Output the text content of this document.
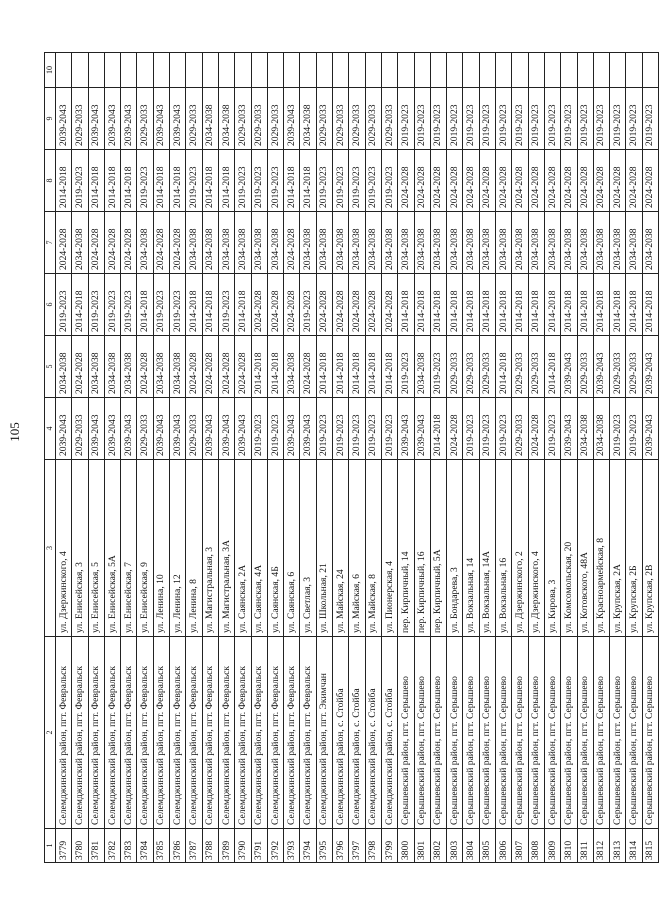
105
1	2	3	4	5	6	7	8	9	10
3779	Селемджинский район, пгт. Февральск	ул. Дзержинского, 4	2039-2043	2034-2038	2019-2023	2024-2028	2014-2018	2039-2043	
3780	Селемджинский район, пгт. Февральск	ул. Енисейская, 3	2029-2033	2024-2028	2014-2018	2034-2038	2019-2023	2029-2033	
3781	Селемджинский район, пгт. Февральск	ул. Енисейская, 5	2039-2043	2034-2038	2019-2023	2024-2028	2014-2018	2039-2043	
3782	Селемджинский район, пгт. Февральск	ул. Енисейская, 5А	2039-2043	2034-2038	2019-2023	2024-2028	2014-2018	2039-2043	
3783	Селемджинский район, пгт. Февральск	ул. Енисейская, 7	2039-2043	2034-2038	2019-2023	2024-2028	2014-2018	2039-2043	
3784	Селемджинский район, пгт. Февральск	ул. Енисейская, 9	2029-2033	2024-2028	2014-2018	2034-2038	2019-2023	2029-2033	
3785	Селемджинский район, пгт. Февральск	ул. Ленина, 10	2039-2043	2034-2038	2019-2023	2024-2028	2014-2018	2039-2043	
3786	Селемджинский район, пгт. Февральск	ул. Ленина, 12	2039-2043	2034-2038	2019-2023	2024-2028	2014-2018	2039-2043	
3787	Селемджинский район, пгт. Февральск	ул. Ленина, 8	2029-2033	2024-2028	2014-2018	2034-2038	2019-2023	2029-2033	
3788	Селемджинский район, пгт. Февральск	ул. Магистральная, 3	2039-2043	2024-2028	2014-2018	2034-2038	2014-2018	2034-2038	
3789	Селемджинский район, пгт. Февральск	ул. Магистральная, 3А	2039-2043	2024-2028	2019-2023	2034-2038	2014-2018	2034-2038	
3790	Селемджинский район, пгт. Февральск	ул. Саянская, 2А	2039-2043	2024-2028	2014-2018	2034-2038	2019-2023	2029-2033	
3791	Селемджинский район, пгт. Февральск	ул. Саянская, 4А	2019-2023	2014-2018	2024-2028	2034-2038	2019-2023	2029-2033	
3792	Селемджинский район, пгт. Февральск	ул. Саянская, 4Б	2019-2023	2014-2018	2024-2028	2034-2038	2019-2023	2029-2033	
3793	Селемджинский район, пгт. Февральск	ул. Саянская, 6	2039-2043	2034-2038	2024-2028	2024-2028	2014-2018	2039-2043	
3794	Селемджинский район, пгт. Февральск	ул. Светлая, 3	2039-2043	2024-2028	2019-2023	2034-2038	2014-2018	2034-2038	
3795	Селемджинский район, пгт. Экимчан	ул. Школьная, 21	2019-2023	2014-2018	2024-2028	2034-2038	2019-2023	2029-2033	
3796	Селемджинский район, с. Стойба	ул. Майская, 24	2019-2023	2014-2018	2024-2028	2034-2038	2019-2023	2029-2033	
3797	Селемджинский район, с. Стойба	ул. Майская, 6	2019-2023	2014-2018	2024-2028	2034-2038	2019-2023	2029-2033	
3798	Селемджинский район, с. Стойба	ул. Майская, 8	2019-2023	2014-2018	2024-2028	2034-2038	2019-2023	2029-2033	
3799	Селемджинский район, с. Стойба	ул. Пионерская, 4	2019-2023	2014-2018	2024-2028	2034-2038	2019-2023	2029-2033	
3800	Серышевский район, пгт. Серышево	пер. Кирпичный, 14	2039-2043	2019-2023	2014-2018	2034-2038	2024-2028	2019-2023	
3801	Серышевский район, пгт. Серышево	пер. Кирпичный, 16	2039-2043	2034-2038	2014-2018	2034-2038	2024-2028	2019-2023	
3802	Серышевский район, пгт. Серышево	пер. Кирпичный, 5А	2014-2018	2019-2023	2014-2018	2034-2038	2024-2028	2019-2023	
3803	Серышевский район, пгт. Серышево	ул. Бондарева, 3	2024-2028	2029-2033	2014-2018	2034-2038	2024-2028	2019-2023	
3804	Серышевский район, пгт. Серышево	ул. Вокзальная, 14	2019-2023	2029-2033	2014-2018	2034-2038	2024-2028	2019-2023	
3805	Серышевский район, пгт. Серышево	ул. Вокзальная, 14А	2019-2023	2029-2033	2014-2018	2034-2038	2024-2028	2019-2023	
3806	Серышевский район, пгт. Серышево	ул. Вокзальная, 16	2019-2023	2014-2018	2014-2018	2034-2038	2024-2028	2019-2023	
3807	Серышевский район, пгт. Серышево	ул. Дзержинского, 2	2029-2033	2029-2033	2014-2018	2034-2038	2024-2028	2019-2023	
3808	Серышевский район, пгт. Серышево	ул. Дзержинского, 4	2024-2028	2029-2033	2014-2018	2034-2038	2024-2028	2019-2023	
3809	Серышевский район, пгт. Серышево	ул. Кирова, 3	2019-2023	2014-2018	2014-2018	2034-2038	2024-2028	2019-2023	
3810	Серышевский район, пгт. Серышево	ул. Комсомольская, 20	2039-2043	2039-2043	2014-2018	2034-2038	2024-2028	2019-2023	
3811	Серышевский район, пгт. Серышево	ул. Котовского, 48А	2034-2038	2029-2033	2014-2018	2034-2038	2024-2028	2019-2023	
3812	Серышевский район, пгт. Серышево	ул. Красноармейская, 8	2034-2038	2039-2043	2014-2018	2034-2038	2024-2028	2019-2023	
3813	Серышевский район, пгт. Серышево	ул. Крупская, 2А	2019-2023	2029-2033	2014-2018	2034-2038	2024-2028	2019-2023	
3814	Серышевский район, пгт. Серышево	ул. Крупская, 2Б	2019-2023	2029-2033	2014-2018	2034-2038	2024-2028	2019-2023	
3815	Серышевский район, пгт. Серышево	ул. Крупская, 2В	2039-2043	2039-2043	2014-2018	2034-2038	2024-2028	2019-2023	
